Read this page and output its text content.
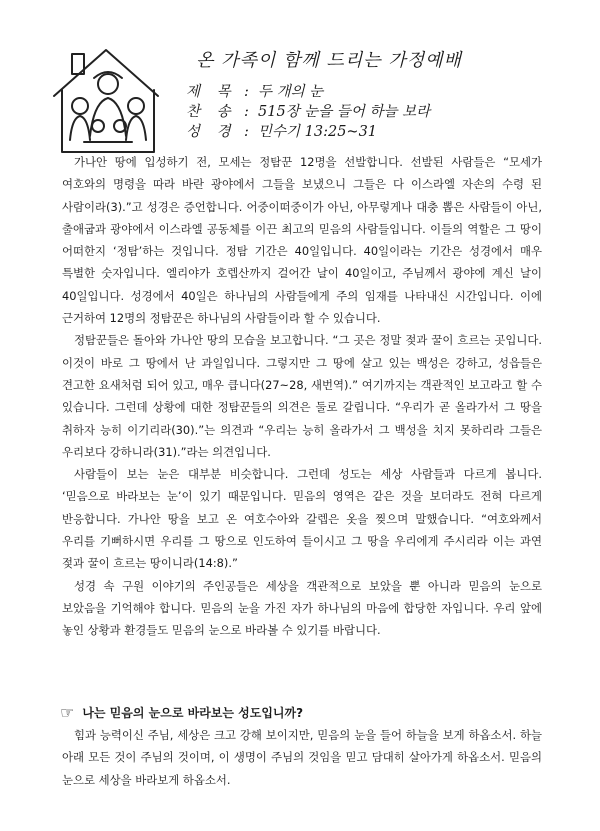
온 가족이 함께 드리는 가정예배
제 목 : 두 개의 눈
찬 송 : 515장 눈을 들어 하늘 보라
성 경 : 민수기 13:25~31

가나안 땅에 입성하기 전, 모세는 정탐꾼 12명을 선발합니다. 선발된 사람들은 “모세가 여호와의 명령을 따라 바란 광야에서 그들을 보냈으니 그들은 다 이스라엘 자손의 수령 된 사람이라(3).”고 성경은 증언합니다. 어중이떠중이가 아닌, 아무렇게나 대충 뽑은 사람들이 아닌, 출애굽과 광야에서 이스라엘 공동체를 이끈 최고의 믿음의 사람들입니다. 이들의 역할은 그 땅이 어떠한지 ‘정탐’하는 것입니다. 정탐 기간은 40일입니다. 40일이라는 기간은 성경에서 매우 특별한 숫자입니다. 엘리야가 호렙산까지 걸어간 날이 40일이고, 주님께서 광야에 계신 날이 40일입니다. 성경에서 40일은 하나님의 사람들에게 주의 임재를 나타내신 시간입니다. 이에 근거하여 12명의 정탐꾼은 하나님의 사람들이라 할 수 있습니다.

정탐꾼들은 돌아와 가나안 땅의 모습을 보고합니다. “그 곳은 정말 젖과 꿀이 흐르는 곳입니다. 이것이 바로 그 땅에서 난 과일입니다. 그렇지만 그 땅에 살고 있는 백성은 강하고, 성읍들은 견고한 요새처럼 되어 있고, 매우 큽니다(27~28, 새번역).” 여기까지는 객관적인 보고라고 할 수 있습니다. 그런데 상황에 대한 정탐꾼들의 의견은 둘로 갈립니다. “우리가 곧 올라가서 그 땅을 취하자 능히 이기리라(30).”는 의견과 “우리는 능히 올라가서 그 백성을 치지 못하리라 그들은 우리보다 강하니라(31).”라는 의견입니다.

사람들이 보는 눈은 대부분 비슷합니다. 그런데 성도는 세상 사람들과 다르게 봅니다. ‘믿음으로 바라보는 눈’이 있기 때문입니다. 믿음의 영역은 같은 것을 보더라도 전혀 다르게 반응합니다. 가나안 땅을 보고 온 여호수아와 갈렙은 옷을 찢으며 말했습니다. “여호와께서 우리를 기뻐하시면 우리를 그 땅으로 인도하여 들이시고 그 땅을 우리에게 주시리라 이는 과연 젖과 꿀이 흐르는 땅이니라(14:8).”

성경 속 구원 이야기의 주인공들은 세상을 객관적으로 보았을 뿐 아니라 믿음의 눈으로 보았음을 기억해야 합니다. 믿음의 눈을 가진 자가 하나님의 마음에 합당한 자입니다. 우리 앞에 놓인 상황과 환경들도 믿음의 눈으로 바라볼 수 있기를 바랍니다.

☞ 나는 믿음의 눈으로 바라보는 성도입니까?

힘과 능력이신 주님, 세상은 크고 강해 보이지만, 믿음의 눈을 들어 하늘을 보게 하옵소서. 하늘 아래 모든 것이 주님의 것이며, 이 생명이 주님의 것임을 믿고 담대히 살아가게 하옵소서. 믿음의 눈으로 세상을 바라보게 하옵소서.
